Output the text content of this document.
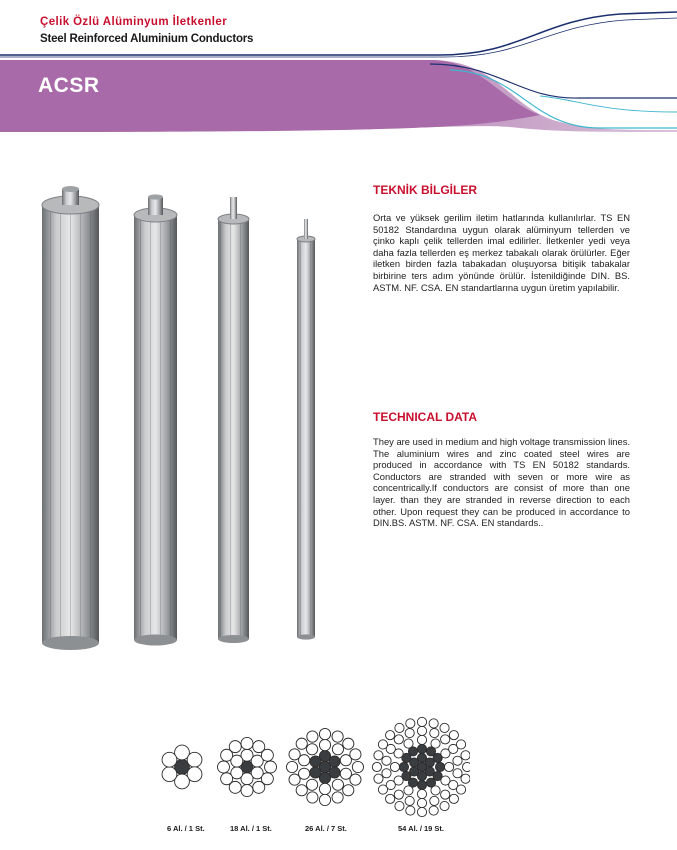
Çelik Özlü Alüminyum İletkenler
Steel Reinforced Aluminium Conductors
ACSR
TEKNİK BİLGİLER
Orta ve yüksek gerilim iletim hatlarında kullanılırlar. TS EN 50182 Standardına uygun olarak alüminyum tellerden ve çinko kaplı çelik tellerden imal edilirler. İletkenler yedi veya daha fazla tellerden eş merkez tabakalı olarak örülürler. Eğer iletken birden fazla tabakadan oluşuyorsa bitişik tabakalar birbirine ters adım yönünde örülür. İstenildiğinde DIN. BS. ASTM. NF. CSA. EN standartlarına uygun üretim yapılabilir.
TECHNICAL DATA
They are used in medium and high voltage transmission lines. The aluminium wires and zinc coated steel wires are produced in accordance with TS EN 50182 standards. Conductors are stranded with seven or more wire as concentrically.If conductors are consist of more than one layer. than they are stranded in reverse direction to each other. Upon request they can be produced in accordance to DIN.BS. ASTM. NF. CSA. EN standards..
6 Al. / 1 St.	18 Al. / 1 St.	26 Al. / 7 St.	54 Al. / 19 St.
